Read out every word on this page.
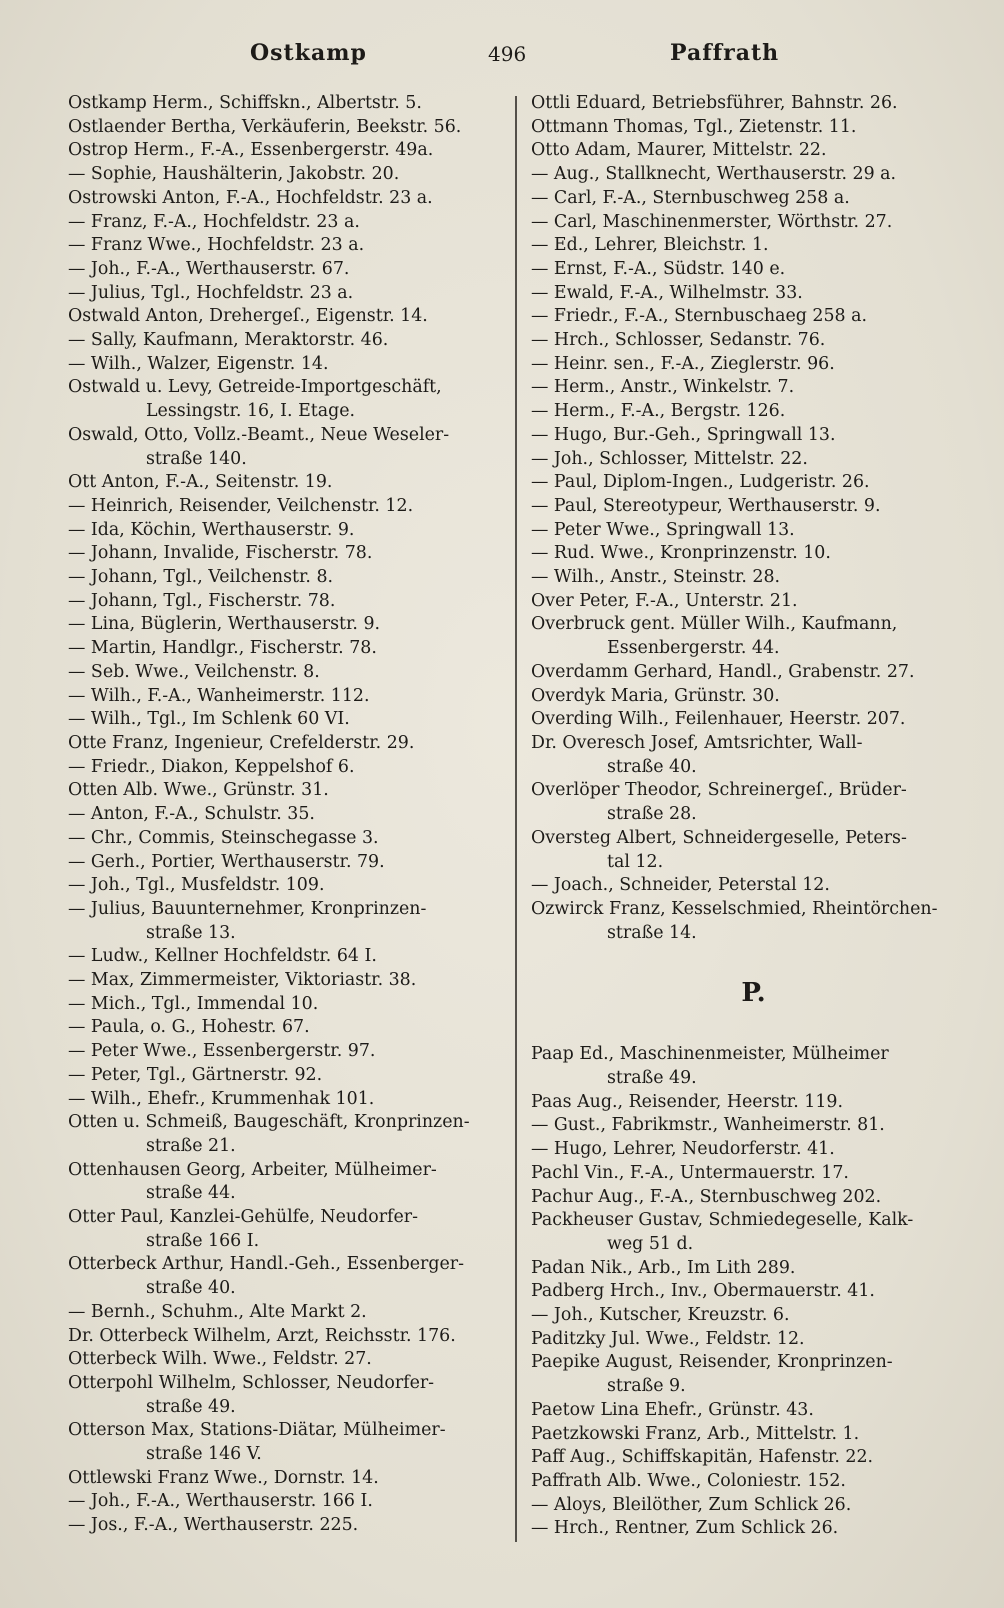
Ostkamp	496	Paffrath
Ostkamp Herm., Schiffskn., Albertstr. 5.
Ostlaender Bertha, Verkäuferin, Beekstr. 56.
Ostrop Herm., F.-A., Essenbergerstr. 49a.
— Sophie, Haushälterin, Jakobstr. 20.
Ostrowski Anton, F.-A., Hochfeldstr. 23 a.
— Franz, F.-A., Hochfeldstr. 23 a.
— Franz Wwe., Hochfeldstr. 23 a.
— Joh., F.-A., Werthauserstr. 67.
— Julius, Tgl., Hochfeldstr. 23 a.
Ostwald Anton, Drehergeſ., Eigenstr. 14.
— Sally, Kaufmann, Meraktorstr. 46.
— Wilh., Walzer, Eigenstr. 14.
Ostwald u. Levy, Getreide-Importgeschäft,
Lessingstr. 16, I. Etage.
Oswald, Otto, Vollz.-Beamt., Neue Weseler-
straße 140.
Ott Anton, F.-A., Seitenstr. 19.
— Heinrich, Reisender, Veilchenstr. 12.
— Ida, Köchin, Werthauserstr. 9.
— Johann, Invalide, Fischerstr. 78.
— Johann, Tgl., Veilchenstr. 8.
— Johann, Tgl., Fischerstr. 78.
— Lina, Büglerin, Werthauserstr. 9.
— Martin, Handlgr., Fischerstr. 78.
— Seb. Wwe., Veilchenstr. 8.
— Wilh., F.-A., Wanheimerstr. 112.
— Wilh., Tgl., Im Schlenk 60 VI.
Otte Franz, Ingenieur, Crefelderstr. 29.
— Friedr., Diakon, Keppelshof 6.
Otten Alb. Wwe., Grünstr. 31.
— Anton, F.-A., Schulstr. 35.
— Chr., Commis, Steinschegasse 3.
— Gerh., Portier, Werthauserstr. 79.
— Joh., Tgl., Musfeldstr. 109.
— Julius, Bauunternehmer, Kronprinzen-
straße 13.
— Ludw., Kellner Hochfeldstr. 64 I.
— Max, Zimmermeister, Viktoriastr. 38.
— Mich., Tgl., Immendal 10.
— Paula, o. G., Hohestr. 67.
— Peter Wwe., Essenbergerstr. 97.
— Peter, Tgl., Gärtnerstr. 92.
— Wilh., Ehefr., Krummenhak 101.
Otten u. Schmeiß, Baugeschäft, Kronprinzen-
straße 21.
Ottenhausen Georg, Arbeiter, Mülheimer-
straße 44.
Otter Paul, Kanzlei-Gehülfe, Neudorfer-
straße 166 I.
Otterbeck Arthur, Handl.-Geh., Essenberger-
straße 40.
— Bernh., Schuhm., Alte Markt 2.
Dr. Otterbeck Wilhelm, Arzt, Reichsstr. 176.
Otterbeck Wilh. Wwe., Feldstr. 27.
Otterpohl Wilhelm, Schlosser, Neudorfer-
straße 49.
Otterson Max, Stations-Diätar, Mülheimer-
straße 146 V.
Ottlewski Franz Wwe., Dornstr. 14.
— Joh., F.-A., Werthauserstr. 166 I.
— Jos., F.-A., Werthauserstr. 225.
Ottli Eduard, Betriebsführer, Bahnstr. 26.
Ottmann Thomas, Tgl., Zietenstr. 11.
Otto Adam, Maurer, Mittelstr. 22.
— Aug., Stallknecht, Werthauserstr. 29 a.
— Carl, F.-A., Sternbuschweg 258 a.
— Carl, Maschinenmerster, Wörthstr. 27.
— Ed., Lehrer, Bleichstr. 1.
— Ernst, F.-A., Südstr. 140 e.
— Ewald, F.-A., Wilhelmstr. 33.
— Friedr., F.-A., Sternbuschaeg 258 a.
— Hrch., Schlosser, Sedanstr. 76.
— Heinr. sen., F.-A., Zieglerstr. 96.
— Herm., Anstr., Winkelstr. 7.
— Herm., F.-A., Bergstr. 126.
— Hugo, Bur.-Geh., Springwall 13.
— Joh., Schlosser, Mittelstr. 22.
— Paul, Diplom-Ingen., Ludgeristr. 26.
— Paul, Stereotypeur, Werthauserstr. 9.
— Peter Wwe., Springwall 13.
— Rud. Wwe., Kronprinzenstr. 10.
— Wilh., Anstr., Steinstr. 28.
Over Peter, F.-A., Unterstr. 21.
Overbruck gent. Müller Wilh., Kaufmann,
Essenbergerstr. 44.
Overdamm Gerhard, Handl., Grabenstr. 27.
Overdyk Maria, Grünstr. 30.
Overding Wilh., Feilenhauer, Heerstr. 207.
Dr. Overesch Josef, Amtsrichter, Wall-
straße 40.
Overlöper Theodor, Schreinergeſ., Brüder-
straße 28.
Oversteg Albert, Schneidergeselle, Peters-
tal 12.
— Joach., Schneider, Peterstal 12.
Ozwirck Franz, Kesselschmied, Rheintörchen-
straße 14.
P.
Paap Ed., Maschinenmeister, Mülheimer
straße 49.
Paas Aug., Reisender, Heerstr. 119.
— Gust., Fabrikmstr., Wanheimerstr. 81.
— Hugo, Lehrer, Neudorferstr. 41.
Pachl Vin., F.-A., Untermauerstr. 17.
Pachur Aug., F.-A., Sternbuschweg 202.
Packheuser Gustav, Schmiedegeselle, Kalk-
weg 51 d.
Padan Nik., Arb., Im Lith 289.
Padberg Hrch., Inv., Obermauerstr. 41.
— Joh., Kutscher, Kreuzstr. 6.
Paditzky Jul. Wwe., Feldstr. 12.
Paepike August, Reisender, Kronprinzen-
straße 9.
Paetow Lina Ehefr., Grünstr. 43.
Paetzkowski Franz, Arb., Mittelstr. 1.
Paff Aug., Schiffskapitän, Hafenstr. 22.
Paffrath Alb. Wwe., Coloniestr. 152.
— Aloys, Bleilöther, Zum Schlick 26.
— Hrch., Rentner, Zum Schlick 26.
